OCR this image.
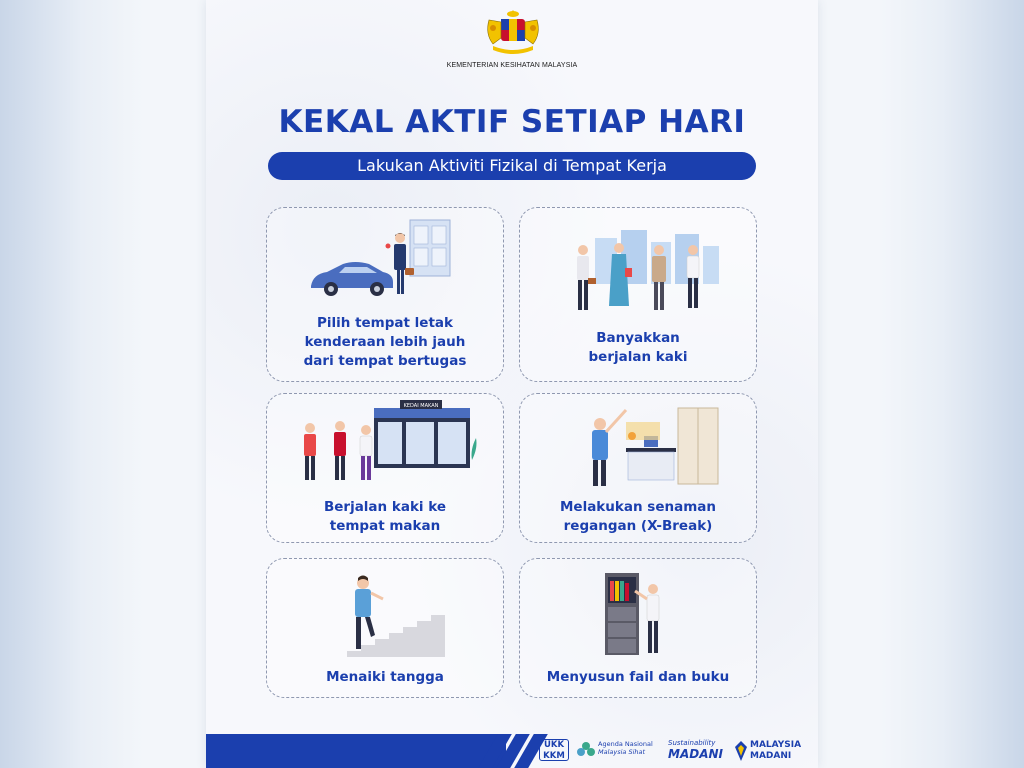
KEMENTERIAN KESIHATAN MALAYSIA
KEKAL AKTIF SETIAP HARI
Lakukan Aktiviti Fizikal di Tempat Kerja
Pilih tempat letak
kenderaan lebih jauh
dari tempat bertugas
Banyakkan
berjalan kaki
KEDAI MAKAN
Berjalan kaki ke
tempat makan
Melakukan senaman
regangan (X-Break)
Menaiki tangga	Menyusun fail dan buku
UKK
KKM
Agenda Nasional
Malaysia Sihat
Sustainability
MADANI
MALAYSIA
MADANI
